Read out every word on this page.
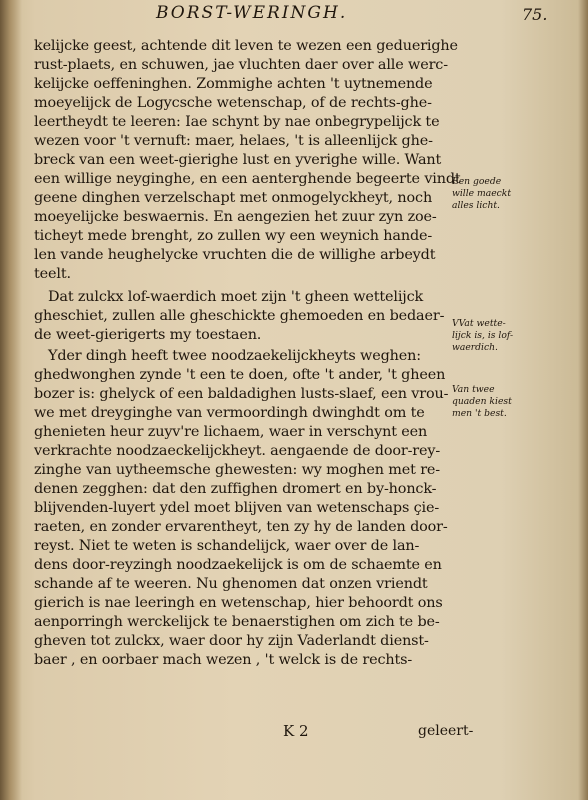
BORST-WERINGH.	75.
kelijcke geest, achtende dit leven te wezen een geduerighe
rust-plaets, en schuwen, jae vluchten daer over alle werc-
kelijcke oeffeninghen. Zommighe achten 't uytnemende
moeyelijck de Logycsche wetenschap, of de rechts-ghe-
leertheydt te leeren: Iae schynt by nae onbegrypelijck te
wezen voor 't vernuft: maer, helaes, 't is alleenlijck ghe-
breck van een weet-gierighe lust en yverighe wille. Want
een willige neyginghe, en een aenterghende begeerte vindt
geene dinghen verzelschapt met onmogelyckheyt, noch
moeyelijcke beswaernis. En aengezien het zuur zyn zoe-
ticheyt mede brenght, zo zullen wy een weynich hande-
len vande heughelycke vruchten die de willighe arbeydt
teelt.
Dat zulckx lof-waerdich moet zijn 't gheen wettelijck
gheschiet, zullen alle gheschickte ghemoeden en bedaer-
de weet-gierigerts my toestaen.
Yder dingh heeft twee noodzaekelijckheyts weghen:
ghedwonghen zynde 't een te doen, ofte 't ander, 't gheen
bozer is: ghelyck of een baldadighen lusts-slaef, een vrou-
we met dreyginghe van vermoordingh dwinghdt om te
ghenieten heur zuyv're lichaem, waer in verschynt een
verkrachte noodzaeckelijckheyt. aengaende de door-rey-
zinghe van uytheemsche ghewesten: wy moghen met re-
denen zegghen: dat den zuffighen dromert en by-honck-
blijvenden-luyert ydel moet blijven van wetenschaps çie-
raeten, en zonder ervarentheyt, ten zy hy de landen door-
reyst. Niet te weten is schandelijck, waer over de lan-
dens door-reyzingh noodzaekelijck is om de schaemte en
schande af te weeren. Nu ghenomen dat onzen vriendt
gierich is nae leeringh en wetenschap, hier behoordt ons
aenporringh werckelijck te benaerstighen om zich te be-
gheven tot zulckx, waer door hy zijn Vaderlandt dienst-
baer , en oorbaer mach wezen , 't welck is de rechts-
Een goede
wille maeckt
alles licht.
VVat wette-
lijck is, is lof-
waerdich.
Van twee
quaden kiest
men 't best.
K 2	geleert-
